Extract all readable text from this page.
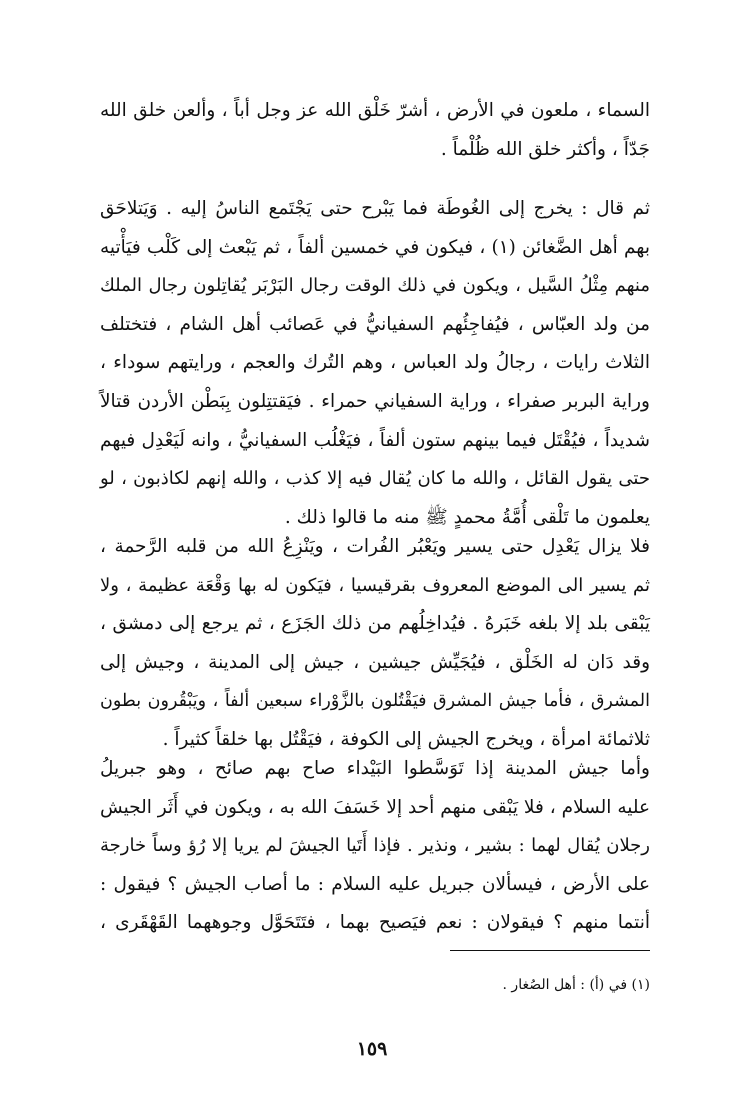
السماء ، ملعون في الأرض ، أشرّ خَلْق الله عز وجل أباً ، وألعن خلق الله
جَدّاً ، وأكثر خلق الله ظُلْماً .

ثم قال : يخرج إلى الغُوطَة فما يَبْرح حتى يَجْتَمع الناسُ إليه . وَيَتلاحَق
بهم أهل الضَّغائن (١) ، فيكون في خمسين ألفاً ، ثم يَبْعث إلى كَلْب فيَأْتيه
منهم مِثْلُ السَّيل ، ويكون في ذلك الوقت رجال البَرْبَر يُقاتِلون رجال الملك
من ولد العبّاس ، فيُفاجِئُهم السفيانيُّ في عَصائب أهل الشام ، فتختلف
الثلاث رايات ، رجالُ ولد العباس ، وهم التُرك والعجم ، ورايتهم سوداء ،
وراية البربر صفراء ، وراية السفياني حمراء . فيَقتتِلون بِبَطْن الأردن قتالاً
شديداً ، فيُقْتَل فيما بينهم ستون ألفاً ، فيَغْلُب السفيانيُّ ، وانه لَيَعْدِل فيهم
حتى يقول القائل ، والله ما كان يُقال فيه إلا كذب ، والله إنهم لكاذبون ، لو
يعلمون ما تَلْقى أُمَّةُ محمدٍ ﷺ منه ما قالوا ذلك .

فلا يزال يَعْدِل حتى يسير ويَعْبُر الفُرات ، ويَنْزِعُ الله من قلبه الرَّحمة ،
ثم يسير الى الموضع المعروف بقرقيسيا ، فيَكون له بها وَقْعَة عظيمة ، ولا
يَبْقى بلد إلا بلغه خَبَرهُ . فيُداخِلُهم من ذلك الجَزَع ، ثم يرجع إلى دمشق ،
وقد دَان له الخَلْق ، فيُجَيِّش جيشين ، جيش إلى المدينة ، وجيش إلى
المشرق ، فأما جيش المشرق فيَقْتُلون بالزَّوْراء سبعين ألفاً ، ويَبْقُرون بطون
ثلاثمائة امرأة ، ويخرج الجيش إلى الكوفة ، فيَقْتُل بها خلقاً كثيراً .

وأما جيش المدينة إذا تَوَسَّطوا البَيْداء صاح بهم صائح ، وهو جبريلُ
عليه السلام ، فلا يَبْقى منهم أحد إلا خَسَفَ الله به ، ويكون في أَثَر الجيش
رجلان يُقال لهما : بشير ، ونذير . فإذا أَتَيا الجيشَ لم يريا إلا رُؤ وساً خارجة
على الأرض ، فيسألان جبريل عليه السلام : ما أصاب الجيش ؟ فيقول :
أنتما منهم ؟ فيقولان : نعم فيَصيح بهما ، فتَتَحَوَّل وجوههما القَهْقَرى ،

(١) في (أ) : أهل الصُغار .
١٥٩
